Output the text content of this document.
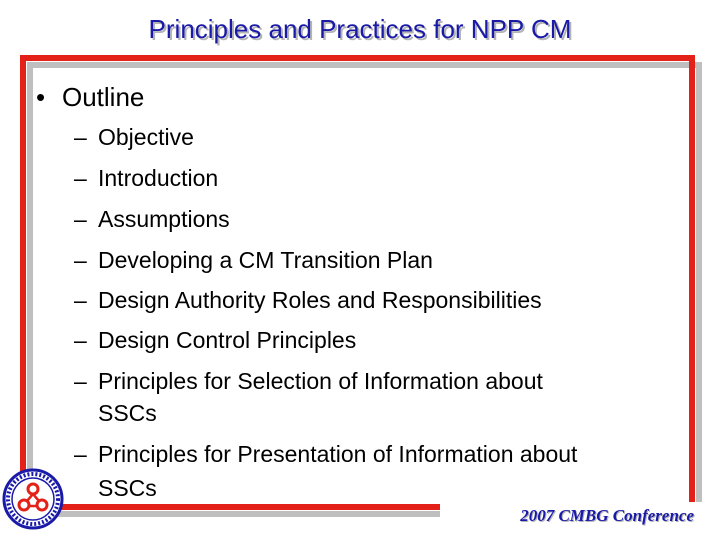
Principles and Practices for NPP CM
• Outline
– Objective
– Introduction
– Assumptions
– Developing a CM Transition Plan
– Design Authority Roles and Responsibilities
– Design Control Principles
– Principles for Selection of Information about
SSCs
– Principles for Presentation of Information about
SSCs
2007 CMBG Conference
